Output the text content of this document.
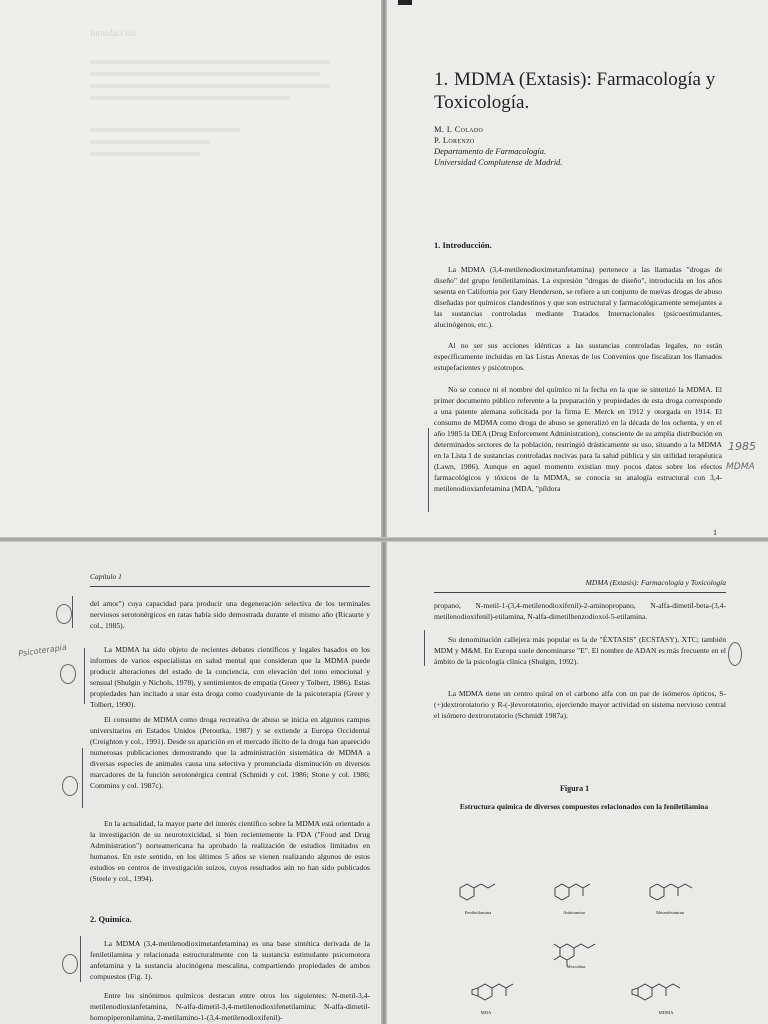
Introducción
1. MDMA (Extasis): Farmacología y Toxicología.
M. I. Colado
P. Lorenzo
Departamento de Farmacología.
Universidad Complutense de Madrid.
1. Introducción.
La MDMA (3,4-metilenodioximetanfetamina) pertenece a las llamadas "drogas de diseño" del grupo feniletilaminas. La expresión "drogas de diseño", introducida en los años sesenta en California por Gary Henderson, se refiere a un conjunto de nuevas drogas de abuso diseñadas por químicos clandestinos y que son estructural y farmacológicamente semejantes a las sustancias controladas mediante Tratados Internacionales (psicoestimulantes, alucinógenos, etc.).
Al no ser sus acciones idénticas a las sustancias controladas legales, no están específicamente incluidas en las Listas Anexas de los Convenios que fiscalizan los llamados estupefacientes y psicotropos.
No se conoce ni el nombre del químico ni la fecha en la que se sintetizó la MDMA. El primer documento público referente a la preparación y propiedades de esta droga corresponde a una patente alemana solicitada por la firma E. Merck en 1912 y otorgada en 1914. El consumo de MDMA como droga de abuso se generalizó en la década de los ochenta, y en el año 1985 la DEA (Drug Enforcement Administration), consciente de su amplia distribución en determinados sectores de la población, restringió drásticamente su uso, situando a la MDMA en la Lista I de sustancias controladas nocivas para la salud pública y sin utilidad terapéutica (Lawn, 1986). Aunque en aquel momento existían muy pocos datos sobre los efectos farmacológicos y tóxicos de la MDMA, se conocía su analogía estructural con 3,4-metilenodioxianfetamina (MDA, "píldora
1985
MDMA
1
Capítulo 1
del amor") cuya capacidad para producir una degeneración selectiva de los terminales nerviosos serotonérgicos en ratas había sido demostrada durante el mismo año (Ricaurte y col., 1985).
Psicoterapia	La MDMA ha sido objeto de recientes debates científicos y legales basados en los informes de varios especialistas en salud mental que consideran que la MDMA puede producir alteraciones del estado de la conciencia, con elevación del tono emocional y sensual (Shulgin y Nichols, 1978), y sentimientos de empatía (Greer y Tolbert, 1986). Estas propiedades han incitado a usar esta droga como coadyuvante de la psicoterapia (Greer y Tolbert, 1990).
El consumo de MDMA como droga recreativa de abuso se inicia en algunos campus universitarios en Estados Unidos (Peroutka, 1987) y se extiende a Europa Occidental (Creighton y col., 1991). Desde su aparición en el mercado ilícito de la droga han aparecido numerosas publicaciones demostrando que la administración sistemática de MDMA a diversas especies de animales causa una selectiva y pronunciada disminución en diversos marcadores de la función serotonérgica central (Schmidt y col. 1986; Stone y col. 1986; Commins y col. 1987c).
En la actualidad, la mayor parte del interés científico sobre la MDMA está orientado a la investigación de su neurotoxicidad, si bien recientemente la FDA ("Food and Drug Administration") norteamericana ha aprobado la realización de estudios limitados en humanos. En este sentido, en los últimos 5 años se vienen realizando algunos de estos estudios en centros de investigación suizos, cuyos resultados aún no han sido publicados (Steele y col., 1994).
2. Química.
La MDMA (3,4-metilenodioximetanfetamina) es una base sintética derivada de la feniletilamina y relacionada estructuralmente con la sustancia estimulante psicomotora anfetamina y la sustancia alucinógena mescalina, compartiendo propiedades de ambos compuestos (Fig. 1).
Entre los sinónimos químicos destacan entre otros los siguientes: N-metil-3,4-metilenodioxianfetamina, N-alfa-dimetil-3,4-metilenodioxifenetilamina; N-alfa-dimetil-homopiperonilamina, 2-metilamino-1-(3,4-metilenodioxifenil)-
MDMA (Extasis): Farmacología y Toxicología
propano, N-metil-1-(3,4-metilenodioxifenil)-2-aminopropano, N-alfa-dimetil-beta-(3,4-metilenodioxifenil)-etilamina, N-alfa-dimetilbenzodioxol-5-etilamina.
Su denominación callejera más popular es la de "ÉXTASIS" (ECSTASY), XTC; también MDM y M&M. En Europa suele denominarse "E". El nombre de ADAN es más frecuente en el ámbito de la psicología clínica (Shulgin, 1992).
La MDMA tiene un centro quiral en el carbono alfa con un par de isómeros ópticos, S-(+)dextrorotatorio y R-(-)levorotatorio, ejerciendo mayor actividad en sistema nervioso central el isómero dextrorotatorio (Schmidt 1987a).
Figura 1
Estructura química de diversos compuestos relacionados con la feniletilamina
Feniletilamina	Anfetamina	Metanfetamina
Mescalina
MDA	MDMA
